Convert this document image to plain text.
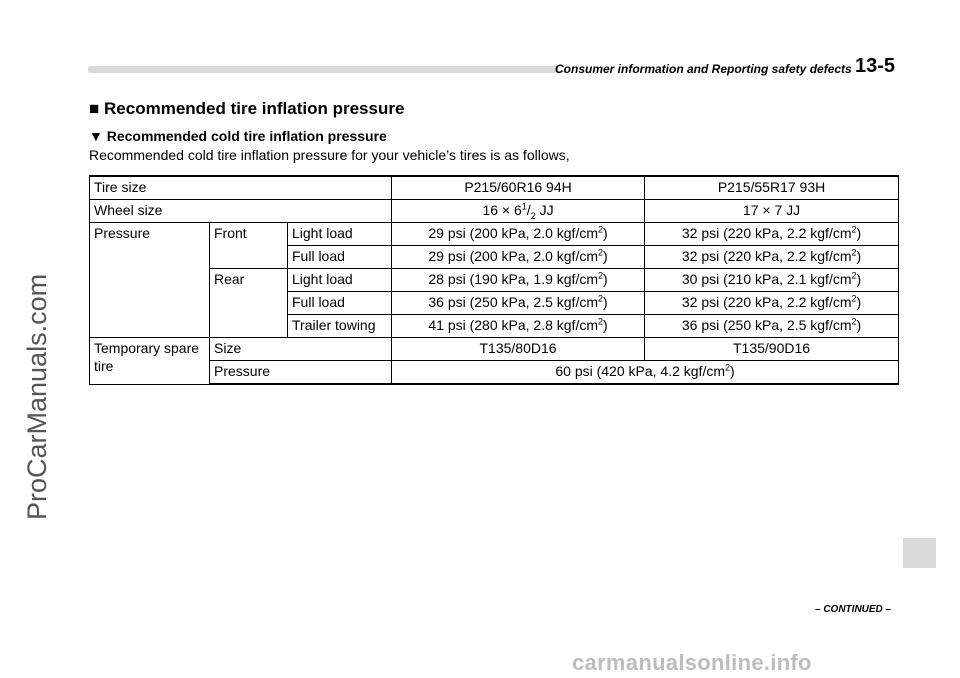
Consumer information and Reporting safety defects 13-5
ProCarManuals.com
■ Recommended tire inflation pressure
▼ Recommended cold tire inflation pressure
Recommended cold tire inflation pressure for your vehicle’s tires is as follows,
Tire size			P215/60R16 94H	P215/55R17 93H
Wheel size			$16 \times 6^1/_2$ JJ	17 × 7 JJ
Pressure	Front	Light load	29 psi (200 kPa, 2.0 kgf/$cm^2$)	32 psi (220 kPa, 2.2 kgf/$cm^2$)
		Full load	29 psi (200 kPa, 2.0 kgf/$cm^2$)	32 psi (220 kPa, 2.2 kgf/$cm^2$)
	Rear	Light load	28 psi (190 kPa, 1.9 kgf/$cm^2$)	30 psi (210 kPa, 2.1 kgf/$cm^2$)
		Full load	36 psi (250 kPa, 2.5 kgf/$cm^2$)	32 psi (220 kPa, 2.2 kgf/$cm^2$)
		Trailer towing	41 psi (280 kPa, 2.8 kgf/$cm^2$)	36 psi (250 kPa, 2.5 kgf/$cm^2$)
Temporary spare tire	Size		T135/80D16	T135/90D16
	Pressure		60 psi (420 kPa, 4.2 kgf/$cm^2$)	
– CONTINUED –
carmanualsonline.info
